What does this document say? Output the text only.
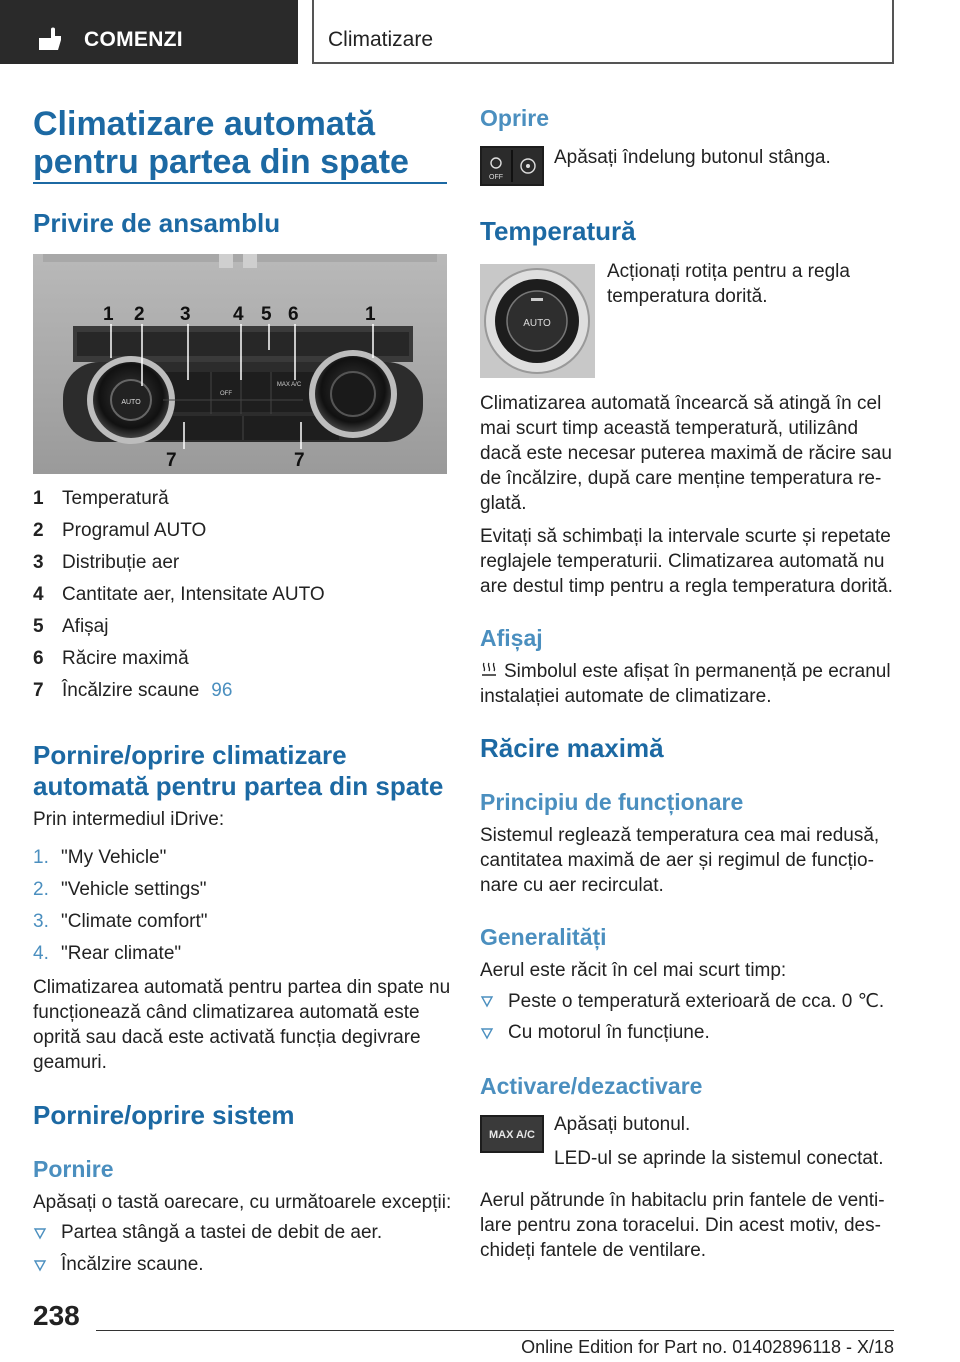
COMENZI	Climatizare
Climatizare automată
pentru partea din spate
Privire de ansamblu
AUTO
OFF
MAX A/C
1 2 3 4 5 6	1
7	7
1 Temperatură
2 Programul AUTO
3 Distribuție aer
4 Cantitate aer, Intensitate AUTO
5 Afișaj
6 Răcire maximă
7 Încălzire scaune 96
Pornire/oprire climatizare
automată pentru partea din spate
Prin intermediul iDrive:
1. "My Vehicle"
2. "Vehicle settings"
3. "Climate comfort"
4. "Rear climate"
Climatizarea automată pentru partea din spate nu
funcționează când climatizarea automată este
oprită sau dacă este activată funcția degivrare
geamuri.
Pornire/oprire sistem
Pornire
Apăsați o tastă oarecare, cu următoarele excepții:
Partea stângă a tastei de debit de aer.
Încălzire scaune.
Oprire
OFF
Apăsați îndelung butonul stânga.
Temperatură
AUTO
Acționați rotița pentru a regla
temperatura dorită.
Climatizarea automată încearcă să atingă în cel
mai scurt timp această temperatură, utilizând
dacă este necesar puterea maximă de răcire sau
de încălzire, după care menține temperatura re-
glată.
Evitați să schimbați la intervale scurte și repetate
reglajele temperaturii. Climatizarea automată nu
are destul timp pentru a regla temperatura dorită.
Afișaj
Simbolul este afișat în permanență pe ecranul
instalației automate de climatizare.
Răcire maximă
Principiu de funcționare
Sistemul reglează temperatura cea mai redusă,
cantitatea maximă de aer și regimul de funcțio-
nare cu aer recirculat.
Generalități
Aerul este răcit în cel mai scurt timp:
Peste o temperatură exterioară de cca. 0 ℃.
Cu motorul în funcțiune.
Activare/dezactivare
MAX A/C Apăsați butonul.
LED-ul se aprinde la sistemul conectat.
Aerul pătrunde în habitaclu prin fantele de venti-
lare pentru zona toracelui. Din acest motiv, des-
chideți fantele de ventilare.
238
Online Edition for Part no. 01402896118 - X/18
